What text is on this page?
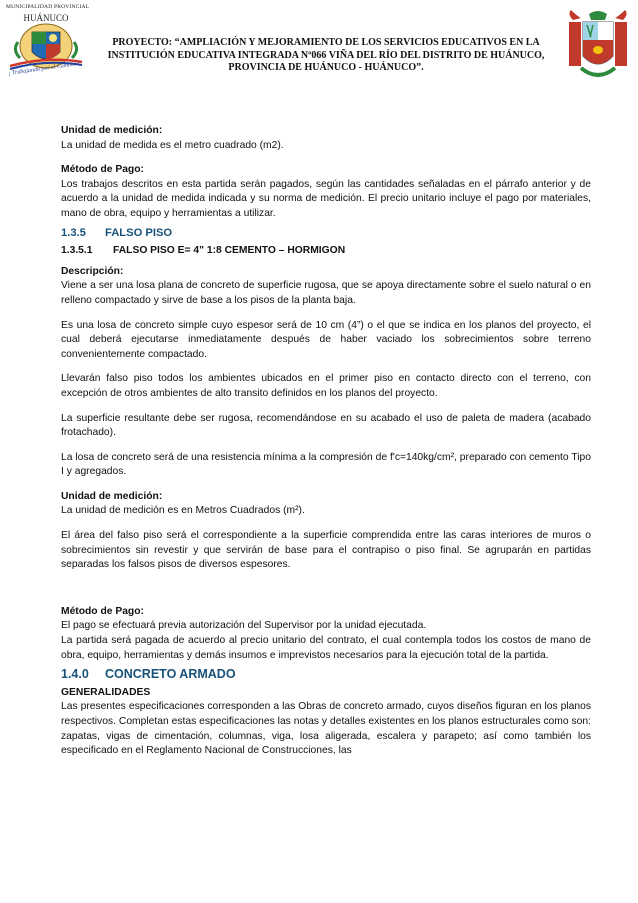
MUNICIPALIDAD PROVINCIAL
HUÁNUCO
¡ Trabajando por el Cambio !
PROYECTO: “AMPLIACIÓN Y MEJORAMIENTO DE LOS SERVICIOS EDUCATIVOS EN LA
INSTITUCIÓN EDUCATIVA INTEGRADA Nº066 VIÑA DEL RÍO DEL DISTRITO DE HUÁNUCO,
PROVINCIA DE HUÁNUCO - HUÁNUCO”.

Unidad de medición:

La unidad de medida es el metro cuadrado (m2).

Método de Pago:

Los trabajos descritos en esta partida serán pagados, según las cantidades señaladas en el párrafo anterior y de acuerdo a la unidad de medida indicada y su norma de medición. El precio unitario incluye el pago por materiales, mano de obra, equipo y herramientas a utilizar.

1.3.5 FALSO PISO
1.3.5.1 FALSO PISO E= 4" 1:8 CEMENTO – HORMIGON

Descripción:

Viene a ser una losa plana de concreto de superficie rugosa, que se apoya directamente sobre el suelo natural o en relleno compactado y sirve de base a los pisos de la planta baja.

Es una losa de concreto simple cuyo espesor será de 10 cm (4”) o el que se indica en los planos del proyecto, el cual deberá ejecutarse inmediatamente después de haber vaciado los sobrecimientos sobre terreno convenientemente compactado.

Llevarán falso piso todos los ambientes ubicados en el primer piso en contacto directo con el terreno, con excepción de otros ambientes de alto transito definidos en los planos del proyecto.

La superficie resultante debe ser rugosa, recomendándose en su acabado el uso de paleta de madera (acabado frotachado).

La losa de concreto será de una resistencia mínima a la compresión de f'c=140kg/cm², preparado con cemento Tipo I y agregados.

Unidad de medición:

La unidad de medición es en Metros Cuadrados (m²).

El área del falso piso será el correspondiente a la superficie comprendida entre las caras interiores de muros o sobrecimientos sin revestir y que servirán de base para el contrapiso o piso final. Se agruparán en partidas separadas los falsos pisos de diversos espesores.

Método de Pago:

El pago se efectuará previa autorización del Supervisor por la unidad ejecutada.

La partida será pagada de acuerdo al precio unitario del contrato, el cual contempla todos los costos de mano de obra, equipo, herramientas y demás insumos e imprevistos necesarios para la ejecución total de la partida.

1.4.0 CONCRETO ARMADO

GENERALIDADES

Las presentes especificaciones corresponden a las Obras de concreto armado, cuyos diseños figuran en los planos respectivos. Completan estas especificaciones las notas y detalles existentes en los planos estructurales como son: zapatas, vigas de cimentación, columnas, viga, losa aligerada, escalera y parapeto; así como también los especificado en el Reglamento Nacional de Construcciones, las
